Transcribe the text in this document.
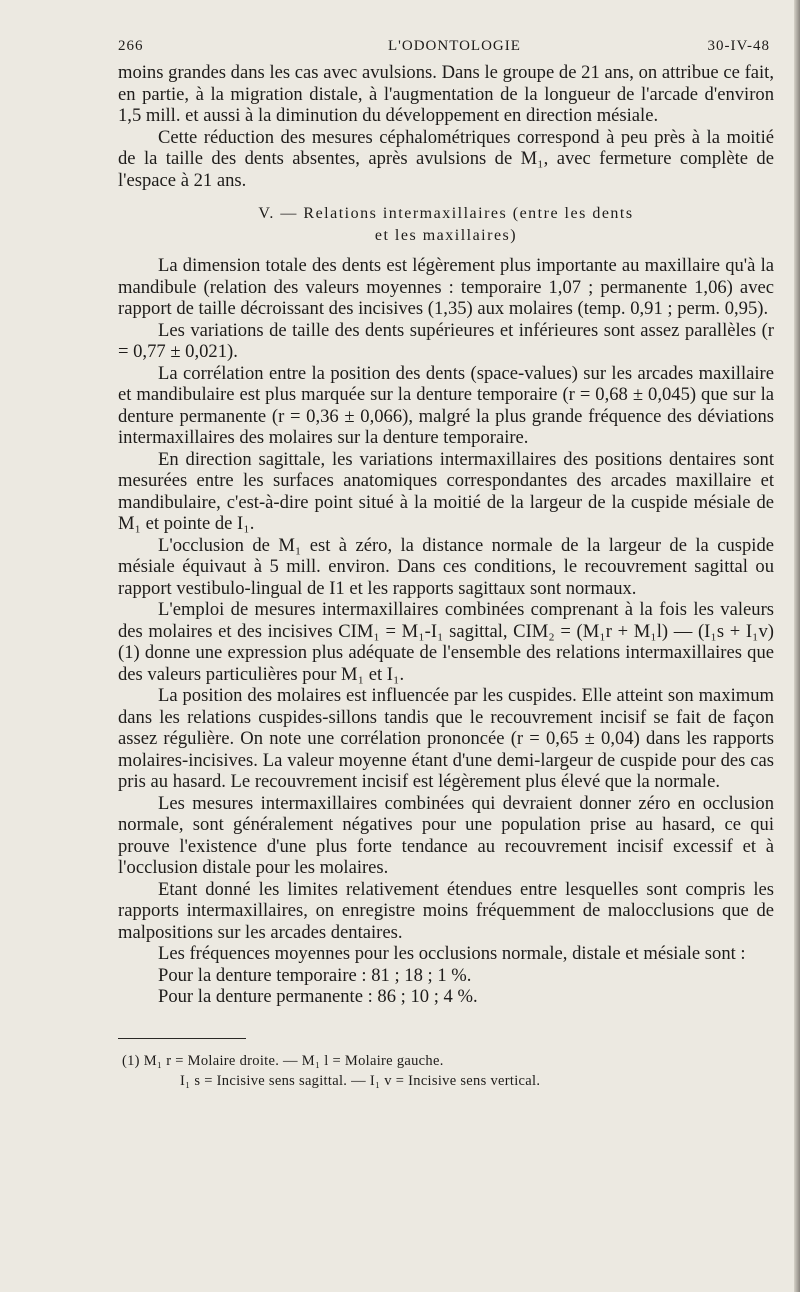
266	L'ODONTOLOGIE	30-IV-48

moins grandes dans les cas avec avulsions. Dans le groupe de 21 ans, on attribue ce fait, en partie, à la migration distale, à l'augmentation de la longueur de l'arcade d'environ 1,5 mill. et aussi à la diminution du développement en direction mésiale.

Cette réduction des mesures céphalométriques correspond à peu près à la moitié de la taille des dents absentes, après avulsions de M₁, avec fermeture complète de l'espace à 21 ans.

V. — Relations intermaxillaires (entre les dents
et les maxillaires)

La dimension totale des dents est légèrement plus importante au maxillaire qu'à la mandibule (relation des valeurs moyennes : temporaire 1,07 ; permanente 1,06) avec rapport de taille décroissant des incisives (1,35) aux molaires (temp. 0,91 ; perm. 0,95).

Les variations de taille des dents supérieures et inférieures sont assez parallèles (r = 0,77 ± 0,021).

La corrélation entre la position des dents (space-values) sur les arcades maxillaire et mandibulaire est plus marquée sur la denture temporaire (r = 0,68 ± 0,045) que sur la denture permanente (r = 0,36 ± 0,066), malgré la plus grande fréquence des déviations intermaxillaires des molaires sur la denture temporaire.

En direction sagittale, les variations intermaxillaires des positions dentaires sont mesurées entre les surfaces anatomiques correspondantes des arcades maxillaire et mandibulaire, c'est-à-dire point situé à la moitié de la largeur de la cuspide mésiale de M₁ et pointe de I₁.

L'occlusion de M₁ est à zéro, la distance normale de la largeur de la cuspide mésiale équivaut à 5 mill. environ. Dans ces conditions, le recouvrement sagittal ou rapport vestibulo-lingual de I1 et les rapports sagittaux sont normaux.

L'emploi de mesures intermaxillaires combinées comprenant à la fois les valeurs des molaires et des incisives CIM₁ = M₁-I₁ sagittal, CIM₂ = (M₁r + M₁l) — (I₁s + I₁v) (1) donne une expression plus adéquate de l'ensemble des relations intermaxillaires que des valeurs particulières pour M₁ et I₁.

La position des molaires est influencée par les cuspides. Elle atteint son maximum dans les relations cuspides-sillons tandis que le recouvrement incisif se fait de façon assez régulière. On note une corrélation prononcée (r = 0,65 ± 0,04) dans les rapports molaires-incisives. La valeur moyenne étant d'une demi-largeur de cuspide pour des cas pris au hasard. Le recouvrement incisif est légèrement plus élevé que la normale.

Les mesures intermaxillaires combinées qui devraient donner zéro en occlusion normale, sont généralement négatives pour une population prise au hasard, ce qui prouve l'existence d'une plus forte tendance au recouvrement incisif excessif et à l'occlusion distale pour les molaires.

Etant donné les limites relativement étendues entre lesquelles sont compris les rapports intermaxillaires, on enregistre moins fréquemment de malocclusions que de malpositions sur les arcades dentaires.

Les fréquences moyennes pour les occlusions normale, distale et mésiale sont :

Pour la denture temporaire : 81 ; 18 ; 1 %.

Pour la denture permanente : 86 ; 10 ; 4 %.

(1) M₁ r = Molaire droite. — M₁ l = Molaire gauche.
I₁ s = Incisive sens sagittal. — I₁ v = Incisive sens vertical.
